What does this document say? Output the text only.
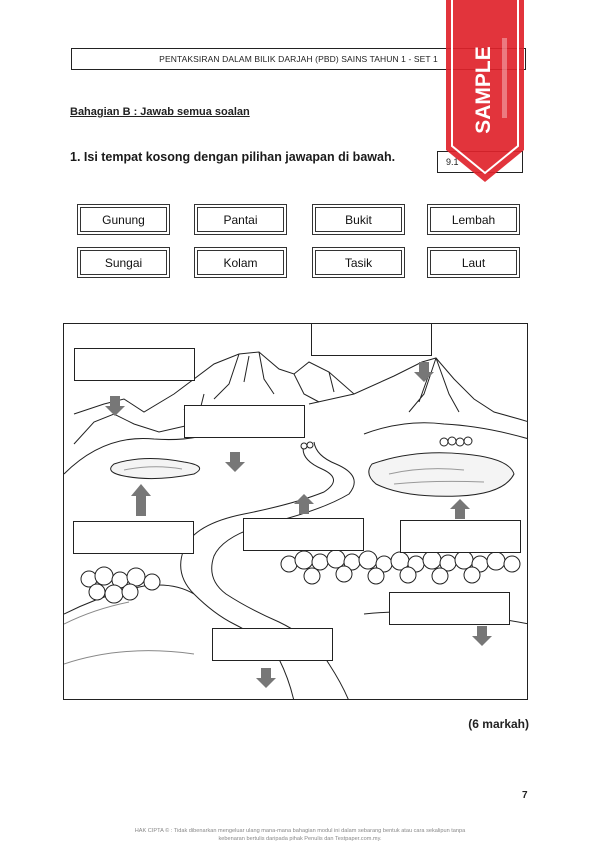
PENTAKSIRAN DALAM BILIK DARJAH (PBD) SAINS TAHUN 1 - SET 1
Bahagian B : Jawab semua soalan
1. Isi tempat kosong dengan pilihan jawapan di bawah.	9.1
Gunung	Pantai	Bukit	Lembah
Sungai	Kolam	Tasik	Laut
(6 markah)
7
HAK CIPTA © : Tidak dibenarkan mengeluar ulang mana-mana bahagian modul ini dalam sebarang bentuk atau cara sekalipun tanpa kebenaran bertulis daripada pihak Penulis dan Testpaper.com.my.
SAMPLE
